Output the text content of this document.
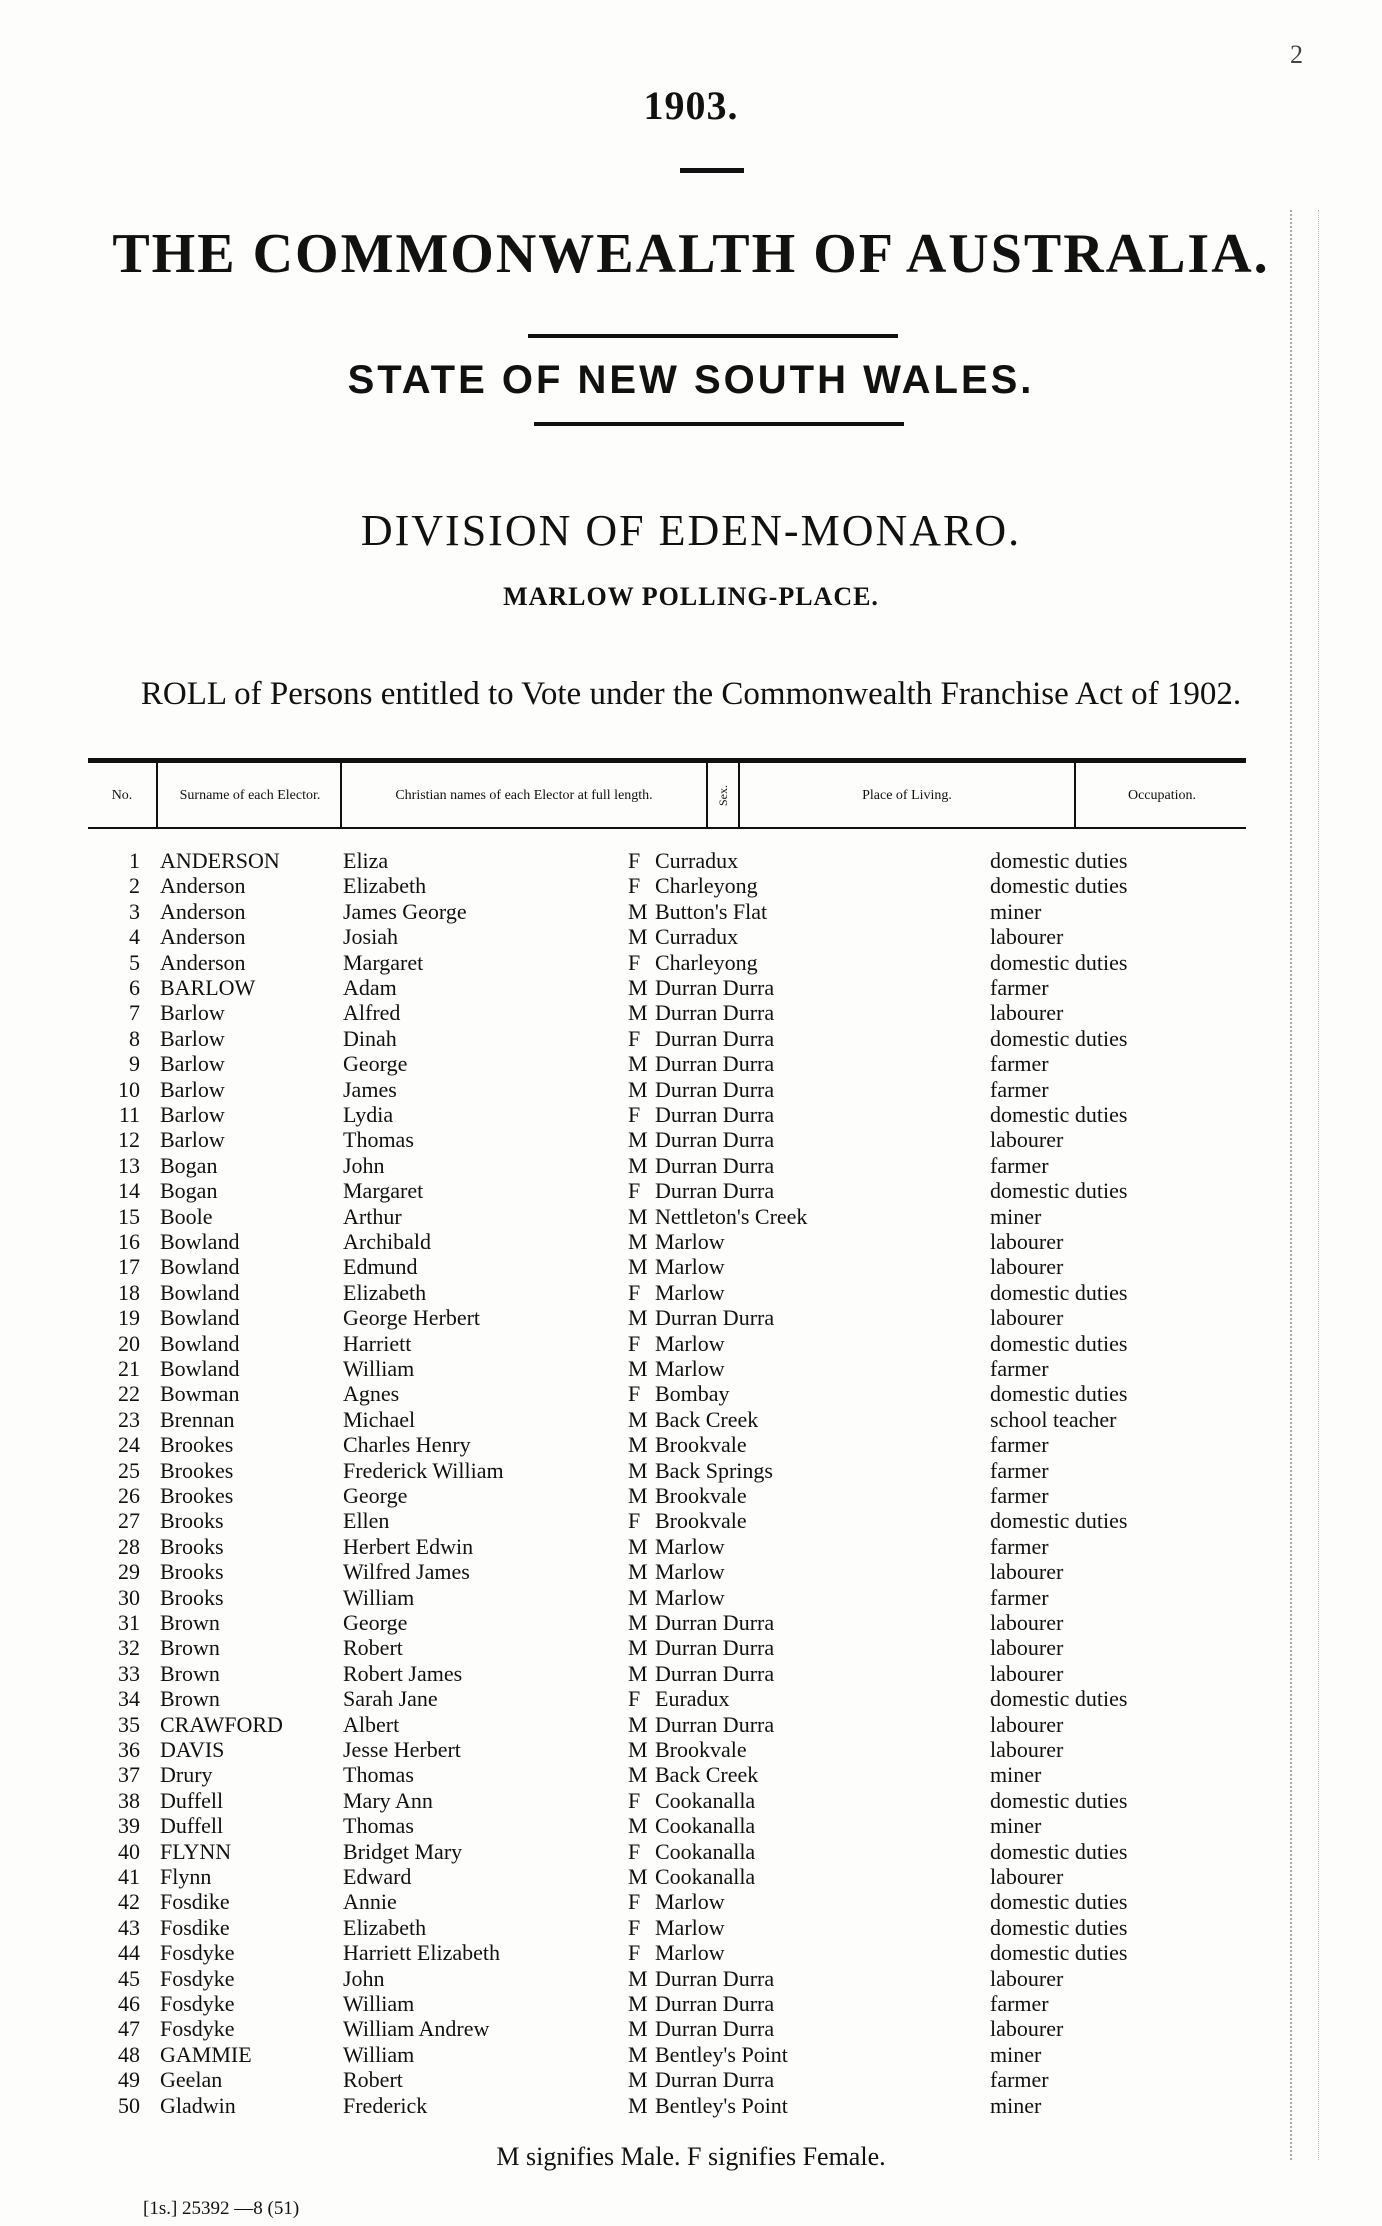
2
1903.
THE COMMONWEALTH OF AUSTRALIA.
STATE OF NEW SOUTH WALES.
DIVISION OF EDEN-MONARO.
MARLOW POLLING-PLACE.
ROLL of Persons entitled to Vote under the Commonwealth Franchise Act of 1902.
No.	Surname of each Elector.	Christian names of each Elector at full length.	Sex.	Place of Living.	Occupation.
1 ANDERSON	Eliza	F Curradux	domestic duties
2 Anderson	Elizabeth	F Charleyong	domestic duties
3 Anderson	James George	M Button's Flat	miner
4 Anderson	Josiah	M Curradux	labourer
5 Anderson	Margaret	F Charleyong	domestic duties
6 BARLOW	Adam	M Durran Durra	farmer
7 Barlow	Alfred	M Durran Durra	labourer
8 Barlow	Dinah	F Durran Durra	domestic duties
9 Barlow	George	M Durran Durra	farmer
10 Barlow	James	M Durran Durra	farmer
11 Barlow	Lydia	F Durran Durra	domestic duties
12 Barlow	Thomas	M Durran Durra	labourer
13 Bogan	John	M Durran Durra	farmer
14 Bogan	Margaret	F Durran Durra	domestic duties
15 Boole	Arthur	M Nettleton's Creek	miner
16 Bowland	Archibald	M Marlow	labourer
17 Bowland	Edmund	M Marlow	labourer
18 Bowland	Elizabeth	F Marlow	domestic duties
19 Bowland	George Herbert	M Durran Durra	labourer
20 Bowland	Harriett	F Marlow	domestic duties
21 Bowland	William	M Marlow	farmer
22 Bowman	Agnes	F Bombay	domestic duties
23 Brennan	Michael	M Back Creek	school teacher
24 Brookes	Charles Henry	M Brookvale	farmer
25 Brookes	Frederick William	M Back Springs	farmer
26 Brookes	George	M Brookvale	farmer
27 Brooks	Ellen	F Brookvale	domestic duties
28 Brooks	Herbert Edwin	M Marlow	farmer
29 Brooks	Wilfred James	M Marlow	labourer
30 Brooks	William	M Marlow	farmer
31 Brown	George	M Durran Durra	labourer
32 Brown	Robert	M Durran Durra	labourer
33 Brown	Robert James	M Durran Durra	labourer
34 Brown	Sarah Jane	F Euradux	domestic duties
35 CRAWFORD	Albert	M Durran Durra	labourer
36 DAVIS	Jesse Herbert	M Brookvale	labourer
37 Drury	Thomas	M Back Creek	miner
38 Duffell	Mary Ann	F Cookanalla	domestic duties
39 Duffell	Thomas	M Cookanalla	miner
40 FLYNN	Bridget Mary	F Cookanalla	domestic duties
41 Flynn	Edward	M Cookanalla	labourer
42 Fosdike	Annie	F Marlow	domestic duties
43 Fosdike	Elizabeth	F Marlow	domestic duties
44 Fosdyke	Harriett Elizabeth	F Marlow	domestic duties
45 Fosdyke	John	M Durran Durra	labourer
46 Fosdyke	William	M Durran Durra	farmer
47 Fosdyke	William Andrew	M Durran Durra	labourer
48 GAMMIE	William	M Bentley's Point	miner
49 Geelan	Robert	M Durran Durra	farmer
50 Gladwin	Frederick	M Bentley's Point	miner
M signifies Male. F signifies Female.
[1s.] 25392 —8 (51)
